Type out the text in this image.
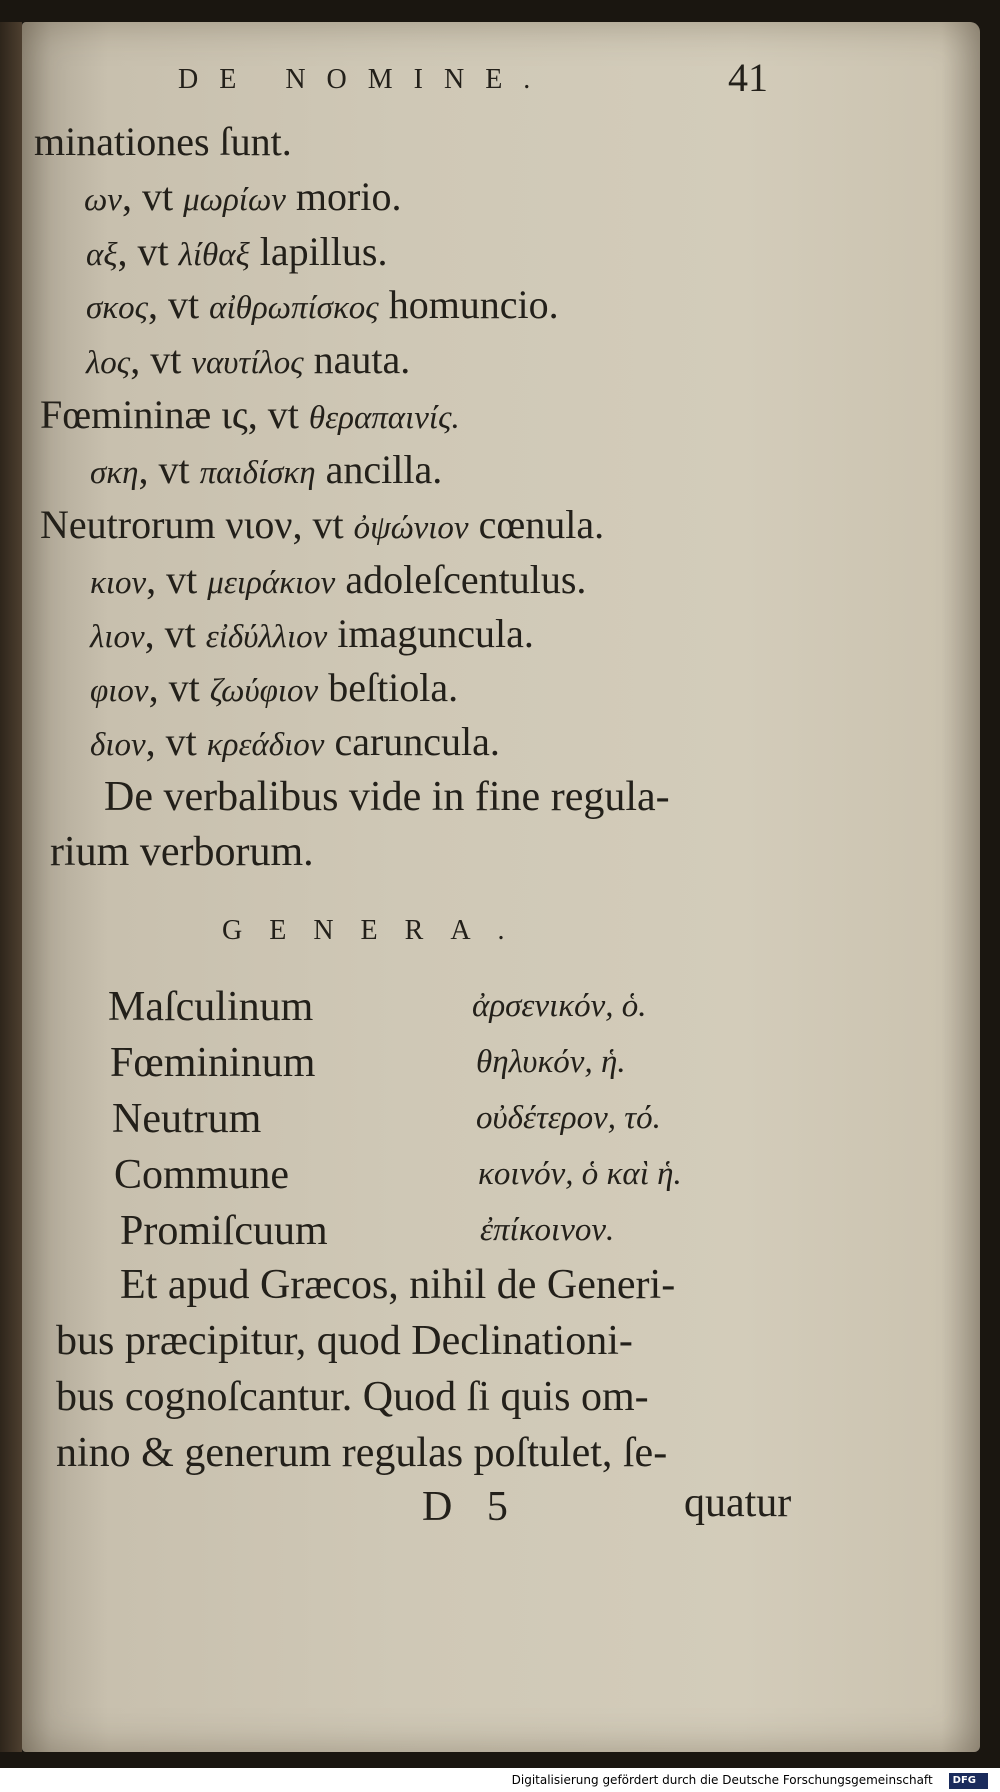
DE NOMINE.	41
minationes ſunt.
ων, vt μωρίων morio.
αξ, vt λίθαξ lapillus.
σκος, vt αἰθρωπίσκος homuncio.
λος, vt ναυτίλος nauta.
Fœmininæ ις, vt θεραπαινίς.
σκη, vt παιδίσκη ancilla.
Neutrorum νιον, vt ὀψώνιον cœnula.
κιον, vt μειράκιον adoleſcentulus.
λιον, vt εἰδύλλιον imaguncula.
φιον, vt ζωύφιον beſtiola.
διον, vt κρεάδιον caruncula.
De verbalibus vide in fine regula-
rium verborum.
GENERA.
Maſculinum	ἀρσενικόν, ὁ.
Fœmininum	θηλυκόν, ἡ.
Neutrum	οὐδέτερον, τό.
Commune	κοινόν, ὁ καὶ ἡ.
Promiſcuum	ἐπίκοινον.
Et apud Græcos, nihil de Generi-
bus præcipitur, quod Declinationi-
bus cognoſcantur. Quod ſi quis om-
nino & generum regulas poſtulet, ſe-
D 5	quatur
Digitalisierung gefördert durch die Deutsche Forschungsgemeinschaft DFG
